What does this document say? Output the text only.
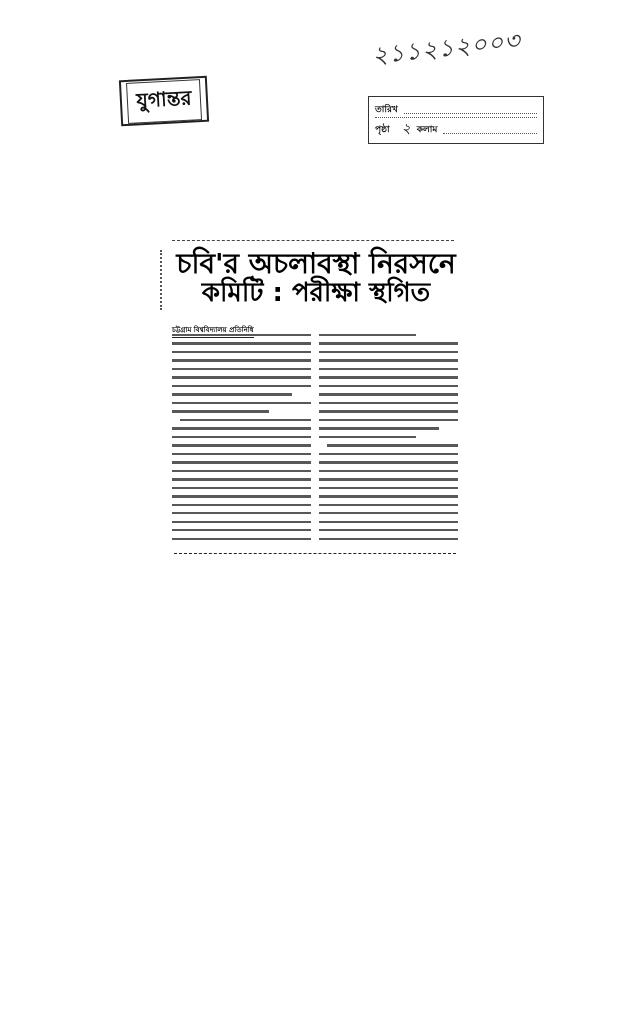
যুগান্তর
২১১২১২০০৩
তারিখ
পৃষ্ঠা ২ কলাম
চবি'র অচলাবস্থা নিরসনে
কমিটি : পরীক্ষা স্থগিত
চট্টগ্রাম বিশ্ববিদ্যালয় প্রতিনিধি
